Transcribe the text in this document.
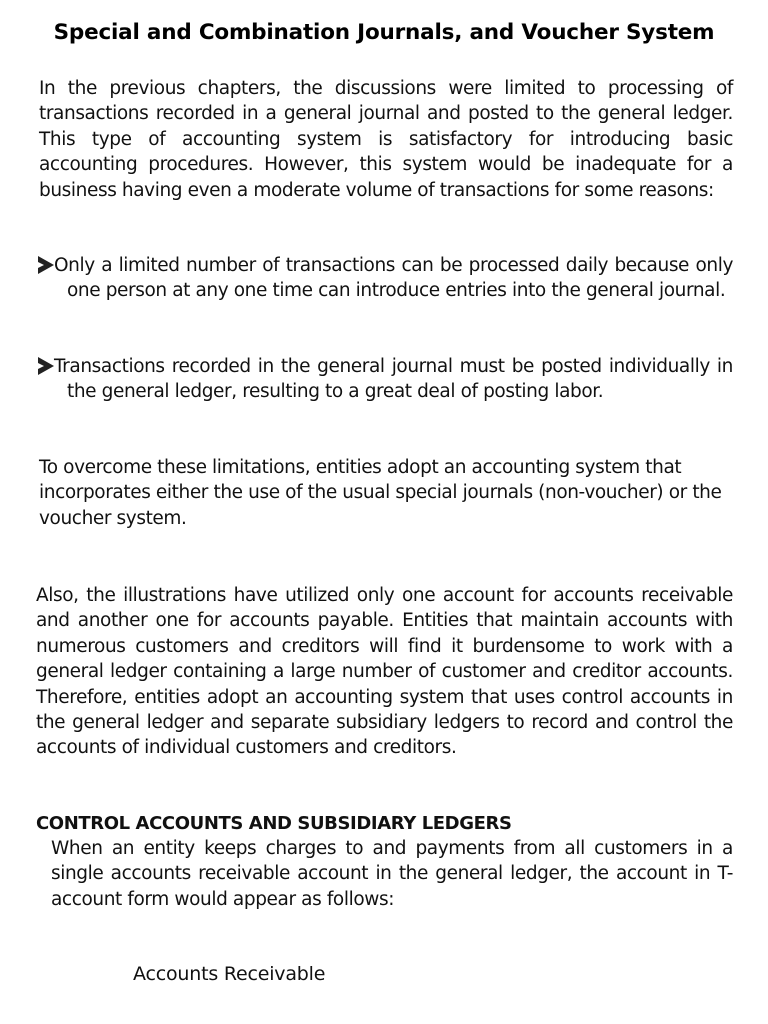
Special and Combination Journals, and Voucher System
In the previous chapters, the discussions were limited to processing of transactions recorded in a general journal and posted to the general ledger. This type of accounting system is satisfactory for introducing basic accounting procedures. However, this system would be inadequate for a business having even a moderate volume of transactions for some reasons:
Only a limited number of transactions can be processed daily because only one person at any one time can introduce entries into the general journal.
Transactions recorded in the general journal must be posted individually in the general ledger, resulting to a great deal of posting labor.
To overcome these limitations, entities adopt an accounting system that incorporates either the use of the usual special journals (non-voucher) or the voucher system.
Also, the illustrations have utilized only one account for accounts receivable and another one for accounts payable. Entities that maintain accounts with numerous customers and creditors will find it burdensome to work with a general ledger containing a large number of customer and creditor accounts. Therefore, entities adopt an accounting system that uses control accounts in the general ledger and separate subsidiary ledgers to record and control the accounts of individual customers and creditors.
CONTROL ACCOUNTS AND SUBSIDIARY LEDGERS
When an entity keeps charges to and payments from all customers in a single accounts receivable account in the general ledger, the account in T-account form would appear as follows:
Accounts Receivable
